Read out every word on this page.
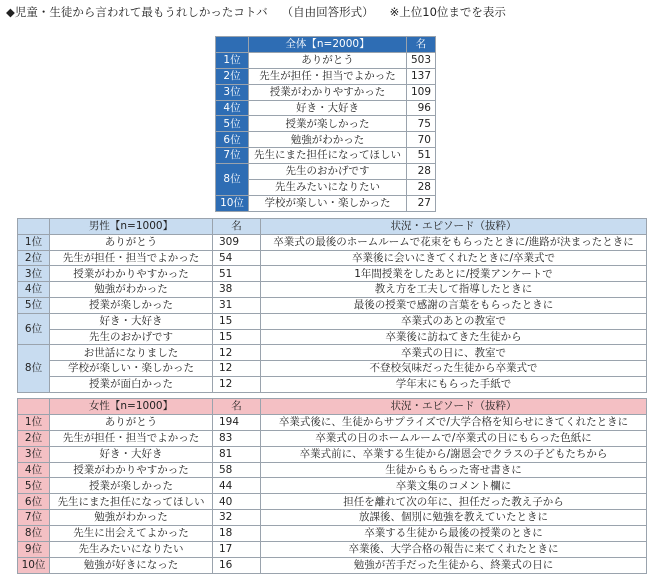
◆児童・生徒から言われて最もうれしかったコトバ （自由回答形式） ※上位10位までを表示
	全体【n=2000】	名
1位	ありがとう	503
2位	先生が担任・担当でよかった	137
3位	授業がわかりやすかった	109
4位	好き・大好き	96
5位	授業が楽しかった	75
6位	勉強がわかった	70
7位	先生にまた担任になってほしい	51
8位	先生のおかげです	28
	先生みたいになりたい	28
10位	学校が楽しい・楽しかった	27
	男性【n=1000】	名	状況・エピソード（抜粋）
1位	ありがとう	309	卒業式の最後のホームルームで花束をもらったときに/進路が決まったときに
2位	先生が担任・担当でよかった	54	卒業後に会いにきてくれたときに/卒業式で
3位	授業がわかりやすかった	51	1年間授業をしたあとに/授業アンケートで
4位	勉強がわかった	38	教え方を工夫して指導したときに
5位	授業が楽しかった	31	最後の授業で感謝の言葉をもらったときに
6位	好き・大好き	15	卒業式のあとの教室で
	先生のおかげです	15	卒業後に訪ねてきた生徒から
8位	お世話になりました	12	卒業式の日に、教室で
	学校が楽しい・楽しかった	12	不登校気味だった生徒から卒業式で
	授業が面白かった	12	学年末にもらった手紙で
	女性【n=1000】	名	状況・エピソード（抜粋）
1位	ありがとう	194	卒業式後に、生徒からサプライズで/大学合格を知らせにきてくれたときに
2位	先生が担任・担当でよかった	83	卒業式の日のホームルームで/卒業式の日にもらった色紙に
3位	好き・大好き	81	卒業式前に、卒業する生徒から/謝恩会でクラスの子どもたちから
4位	授業がわかりやすかった	58	生徒からもらった寄せ書きに
5位	授業が楽しかった	44	卒業文集のコメント欄に
6位	先生にまた担任になってほしい	40	担任を離れて次の年に、担任だった教え子から
7位	勉強がわかった	32	放課後、個別に勉強を教えていたときに
8位	先生に出会えてよかった	18	卒業する生徒から最後の授業のときに
9位	先生みたいになりたい	17	卒業後、大学合格の報告に来てくれたときに
10位	勉強が好きになった	16	勉強が苦手だった生徒から、終業式の日に
